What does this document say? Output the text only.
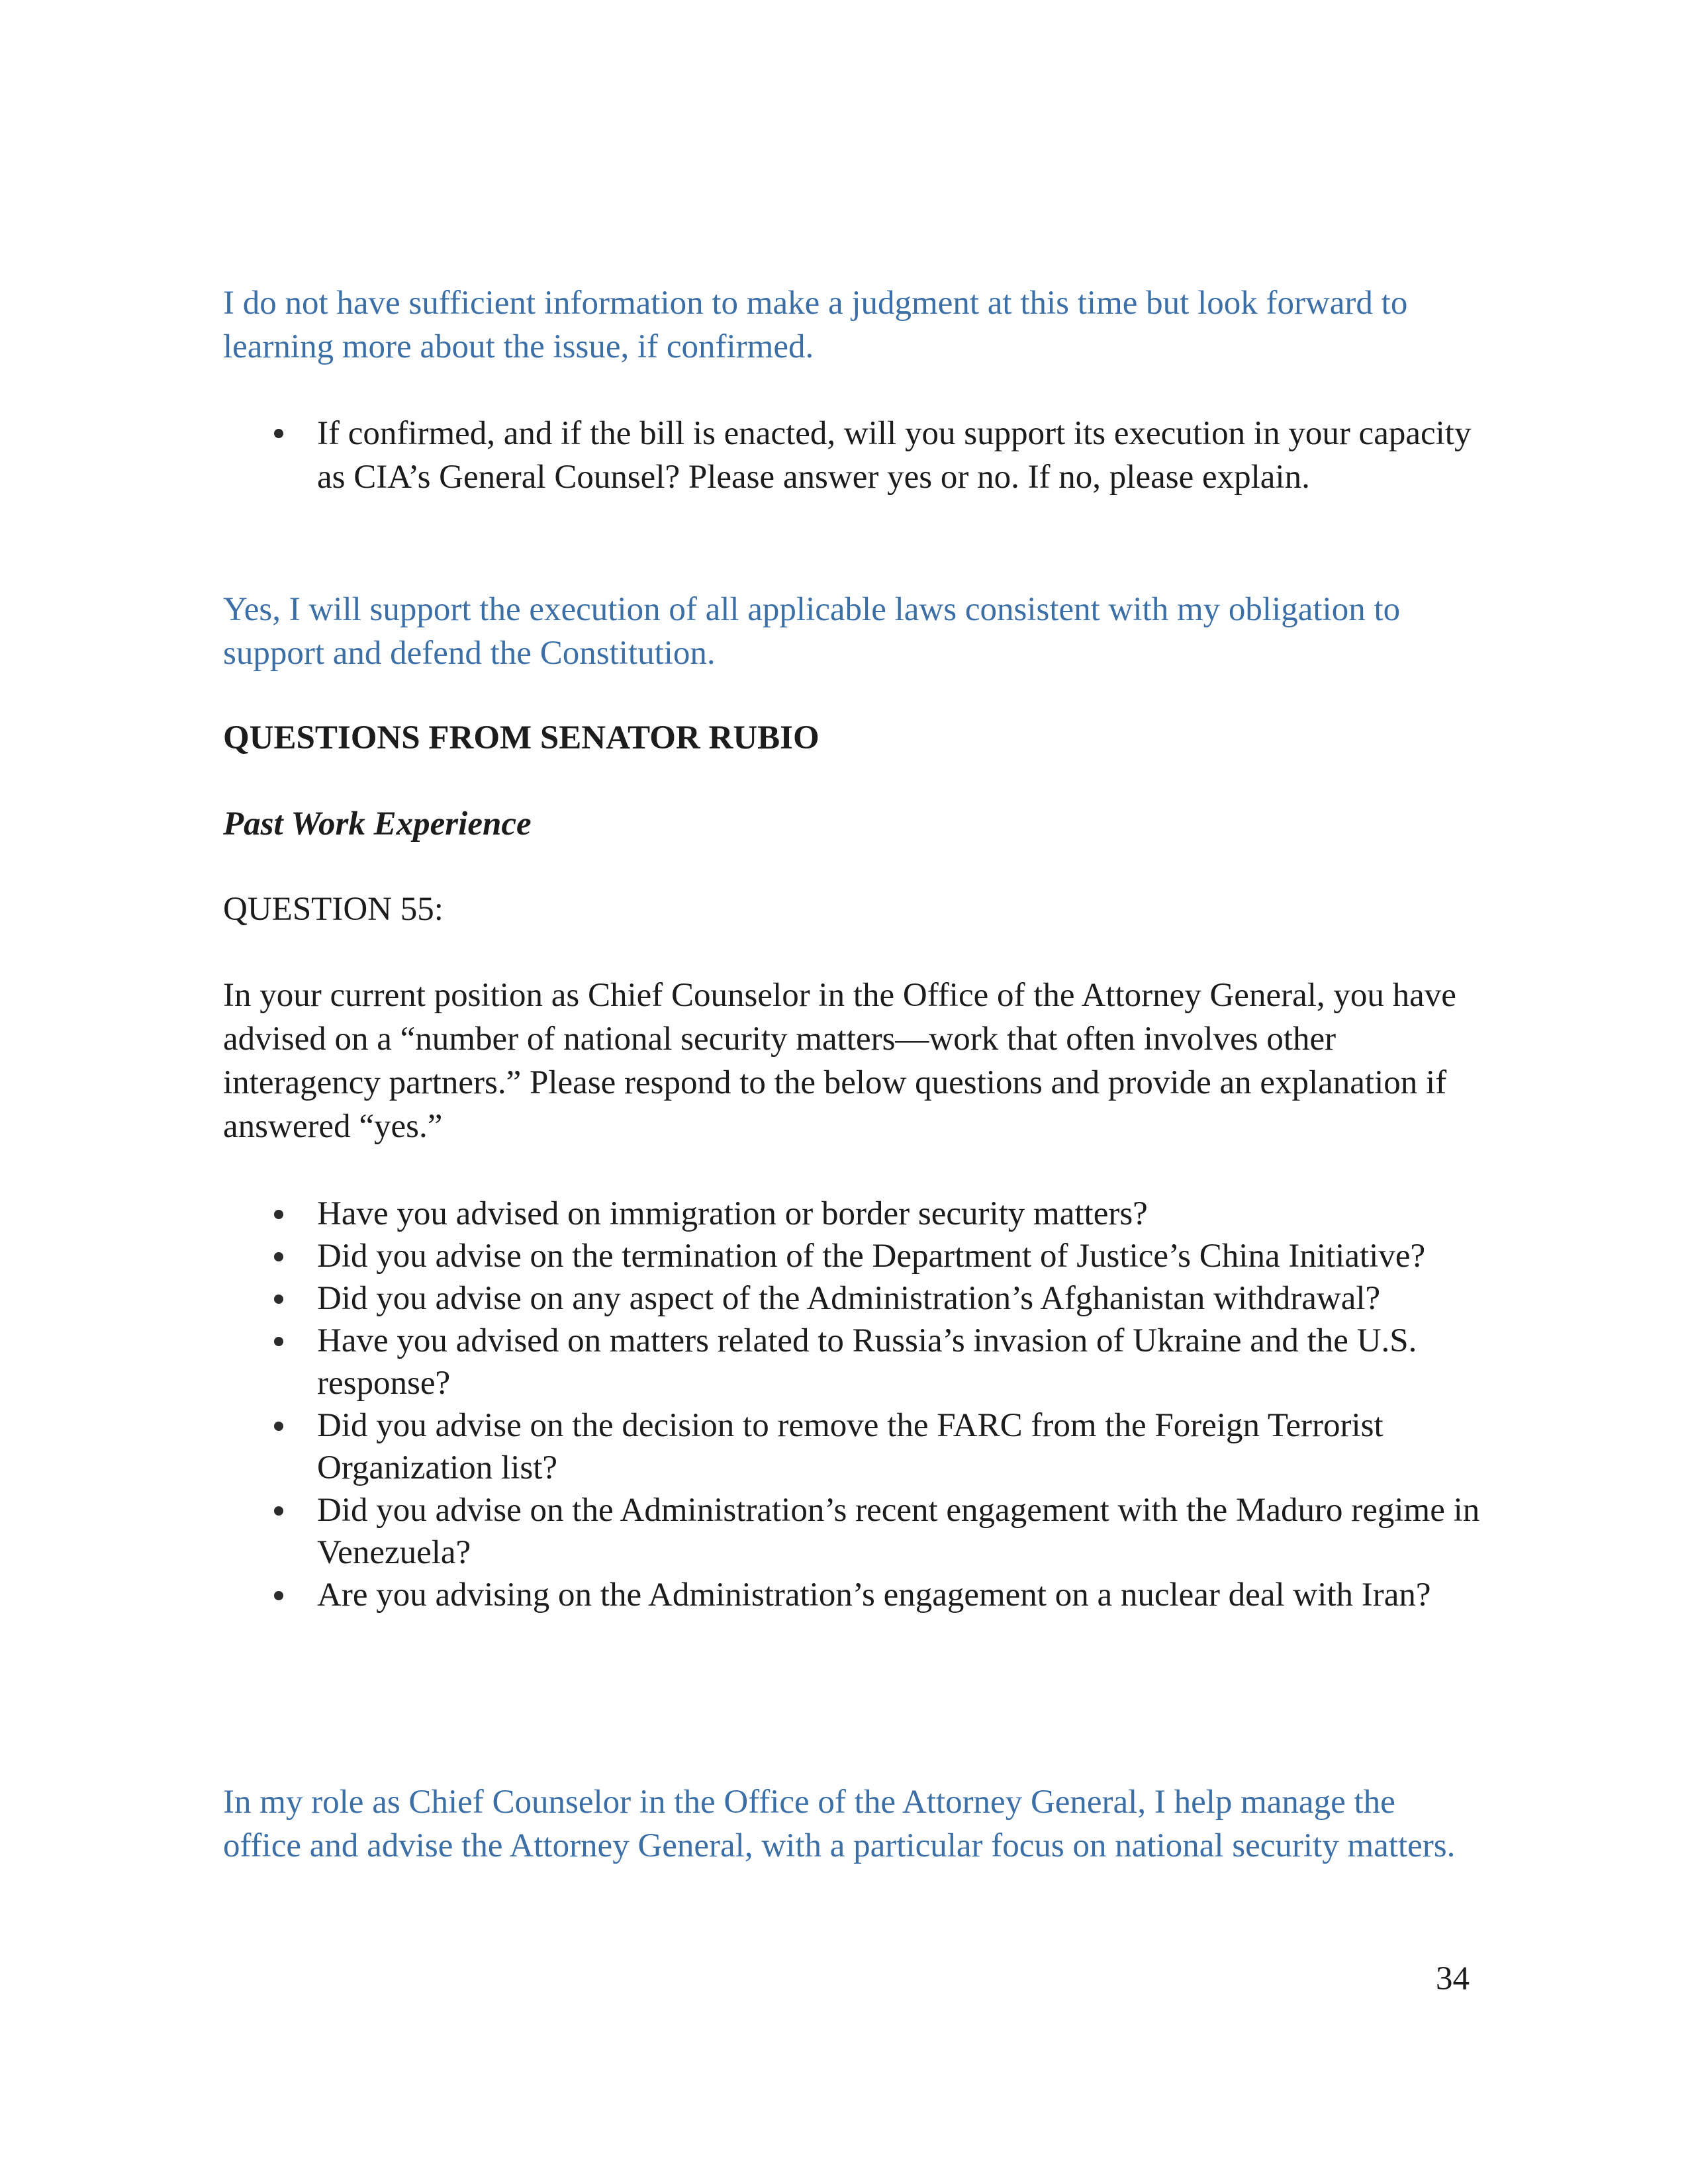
I do not have sufficient information to make a judgment at this time but look forward to learning more about the issue, if confirmed.

If confirmed, and if the bill is enacted, will you support its execution in your capacity as CIA’s General Counsel? Please answer yes or no. If no, please explain.

Yes, I will support the execution of all applicable laws consistent with my obligation to support and defend the Constitution.

QUESTIONS FROM SENATOR RUBIO

Past Work Experience

QUESTION 55:

In your current position as Chief Counselor in the Office of the Attorney General, you have advised on a “number of national security matters—work that often involves other interagency partners.” Please respond to the below questions and provide an explanation if answered “yes.”

Have you advised on immigration or border security matters?
Did you advise on the termination of the Department of Justice’s China Initiative?
Did you advise on any aspect of the Administration’s Afghanistan withdrawal?
Have you advised on matters related to Russia’s invasion of Ukraine and the U.S. response?
Did you advise on the decision to remove the FARC from the Foreign Terrorist Organization list?
Did you advise on the Administration’s recent engagement with the Maduro regime in Venezuela?
Are you advising on the Administration’s engagement on a nuclear deal with Iran?

In my role as Chief Counselor in the Office of the Attorney General, I help manage the office and advise the Attorney General, with a particular focus on national security matters.

34
